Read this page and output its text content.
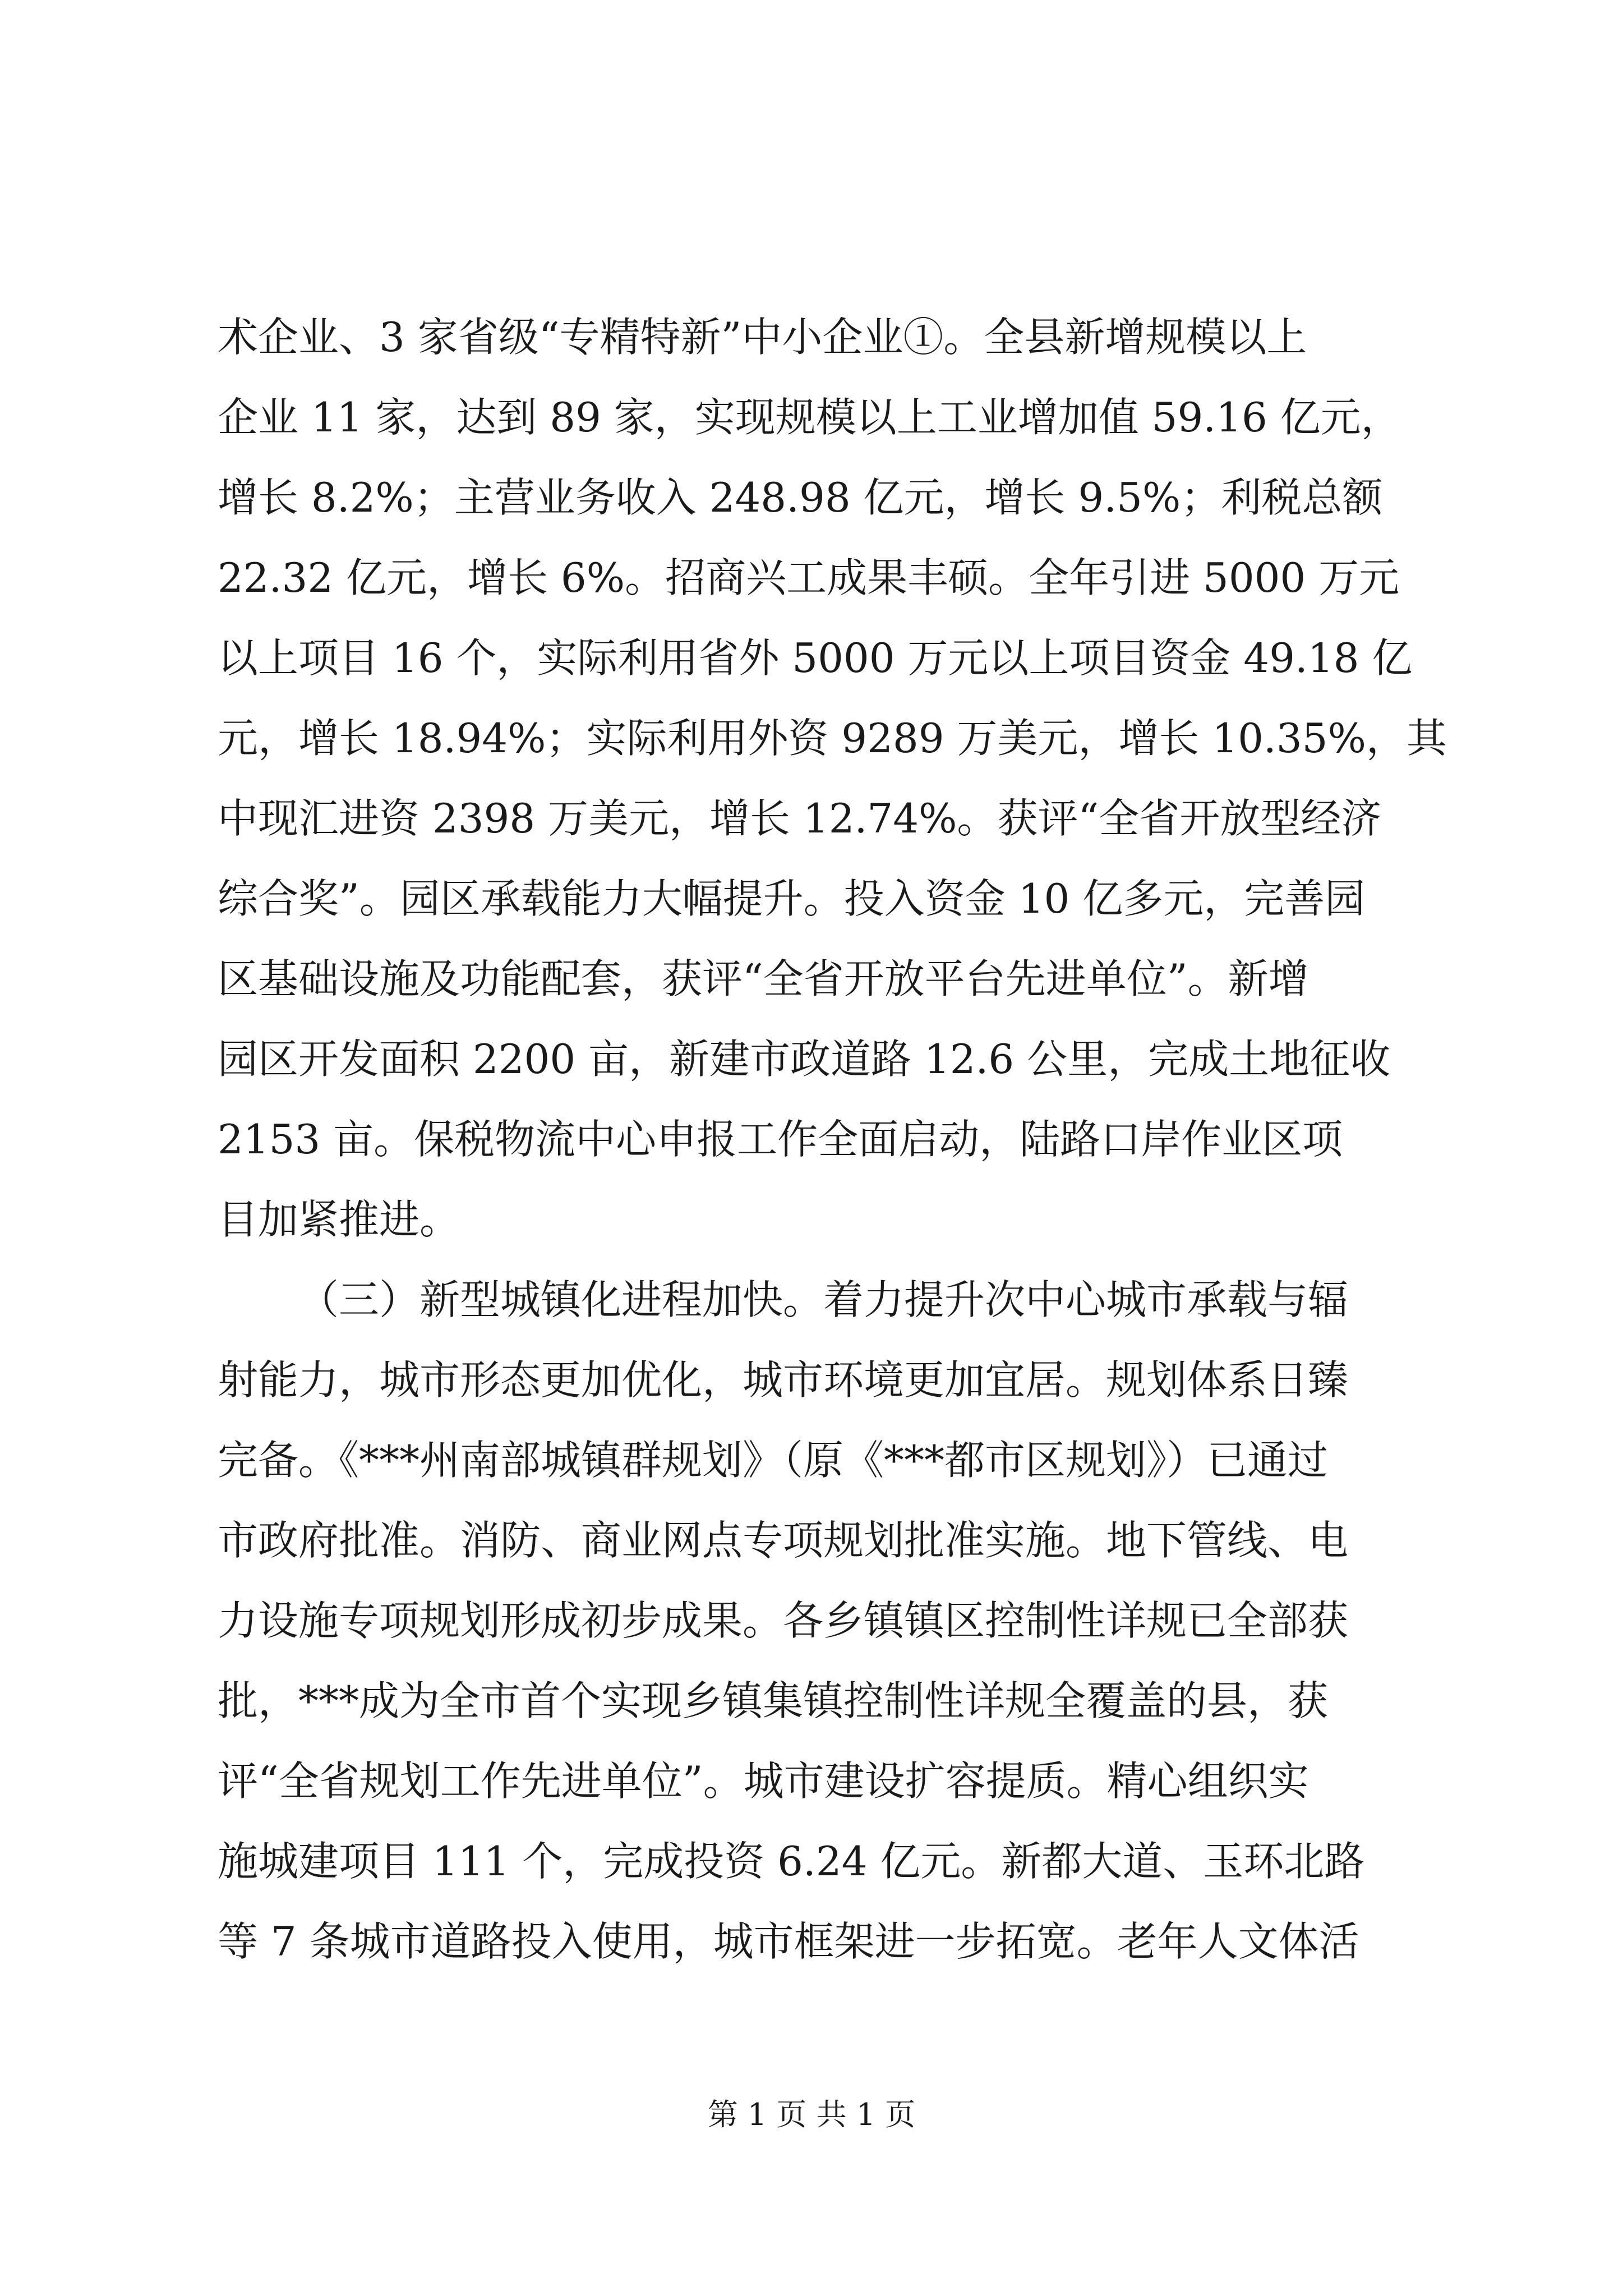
术企业、3 家省级“专精特新”中小企业①。全县新增规模以上
企业 11 家，达到 89 家，实现规模以上工业增加值 59.16 亿元，
增长 8.2%；主营业务收入 248.98 亿元，增长 9.5%；利税总额
22.32 亿元，增长 6%。招商兴工成果丰硕。全年引进 5000 万元
以上项目 16 个，实际利用省外 5000 万元以上项目资金 49.18 亿
元，增长 18.94%；实际利用外资 9289 万美元，增长 10.35%，其
中现汇进资 2398 万美元，增长 12.74%。获评“全省开放型经济
综合奖”。园区承载能力大幅提升。投入资金 10 亿多元，完善园
区基础设施及功能配套，获评“全省开放平台先进单位”。新增
园区开发面积 2200 亩，新建市政道路 12.6 公里，完成土地征收
2153 亩。保税物流中心申报工作全面启动，陆路口岸作业区项
目加紧推进。
（三）新型城镇化进程加快。着力提升次中心城市承载与辐
射能力，城市形态更加优化，城市环境更加宜居。规划体系日臻
完备。《***州南部城镇群规划》（原《***都市区规划》）已通过
市政府批准。消防、商业网点专项规划批准实施。地下管线、电
力设施专项规划形成初步成果。各乡镇镇区控制性详规已全部获
批，***成为全市首个实现乡镇集镇控制性详规全覆盖的县，获
评“全省规划工作先进单位”。城市建设扩容提质。精心组织实
施城建项目 111 个，完成投资 6.24 亿元。新都大道、玉环北路
等 7 条城市道路投入使用，城市框架进一步拓宽。老年人文体活
第 1 页 共 1 页
